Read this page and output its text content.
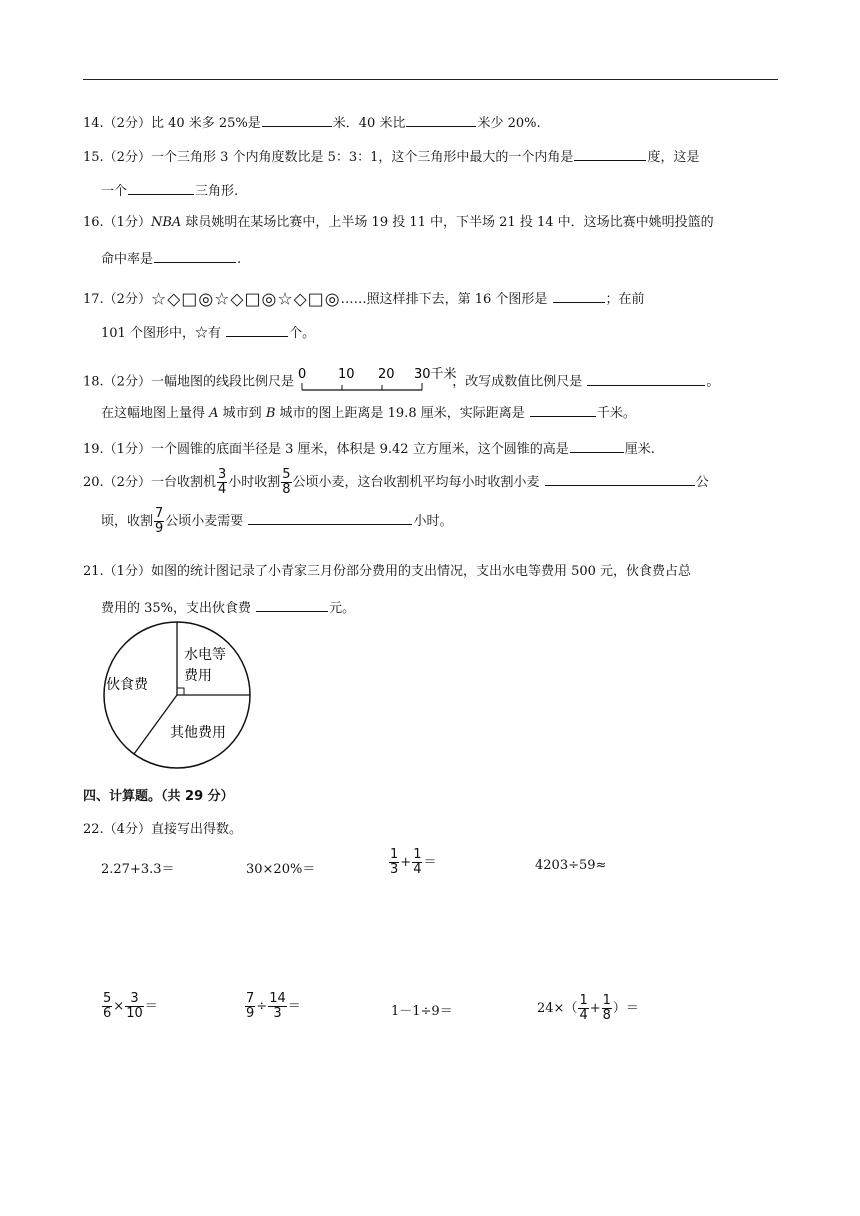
14.（2分）比 40 米多 25%是	米．40 米比	米少 20%.
15.（2分）一个三角形 3 个内角度数比是 5：3：1，这个三角形中最大的一个内角是	度，这是
一个	三角形.
16.（1分）NBA 球员姚明在某场比赛中，上半场 19 投 11 中，下半场 21 投 14 中．这场比赛中姚明投篮的
命中率是	.
17.（2分）☆◇□◎☆◇□◎☆◇□◎……照这样排下去，第 16 个图形是	；在前
101 个图形中，☆有	个。
18.（2分）一幅地图的线段比例尺是 0 10 20 30千米
，改写成数值比例尺是	。
在这幅地图上量得 A 城市到 B 城市的图上距离是 19.8 厘米，实际距离是	千米。
19.（1分）一个圆锥的底面半径是 3 厘米，体积是 9.42 立方厘米，这个圆锥的高是	厘米.
20.（2分）一台收割机 $\frac{3}{4}$ 小时收割 $\frac{5}{8}$ 公顷小麦，这台收割机平均每小时收割小麦	公
顷，收割 $\frac{7}{9}$ 公顷小麦需要	小时。
21.（1分）如图的统计图记录了小青家三月份部分费用的支出情况，支出水电等费用 500 元，伙食费占总
费用的 35%，支出伙食费	元。
伙食费
水电等
费用
其他费用
四、计算题。（共 29 分）
22.（4分）直接写出得数。
2.27+3.3＝	30×20%＝	$\frac{1}{3} + \frac{1}{4}$ ＝	4203÷59≈
$\frac{5}{6} \times \frac{3}{10}$ ＝	$\frac{7}{9} \div \frac{14}{3}$ ＝	1－1÷9＝	$24\times( \frac{1}{4} + \frac{1}{8}$ ）＝
